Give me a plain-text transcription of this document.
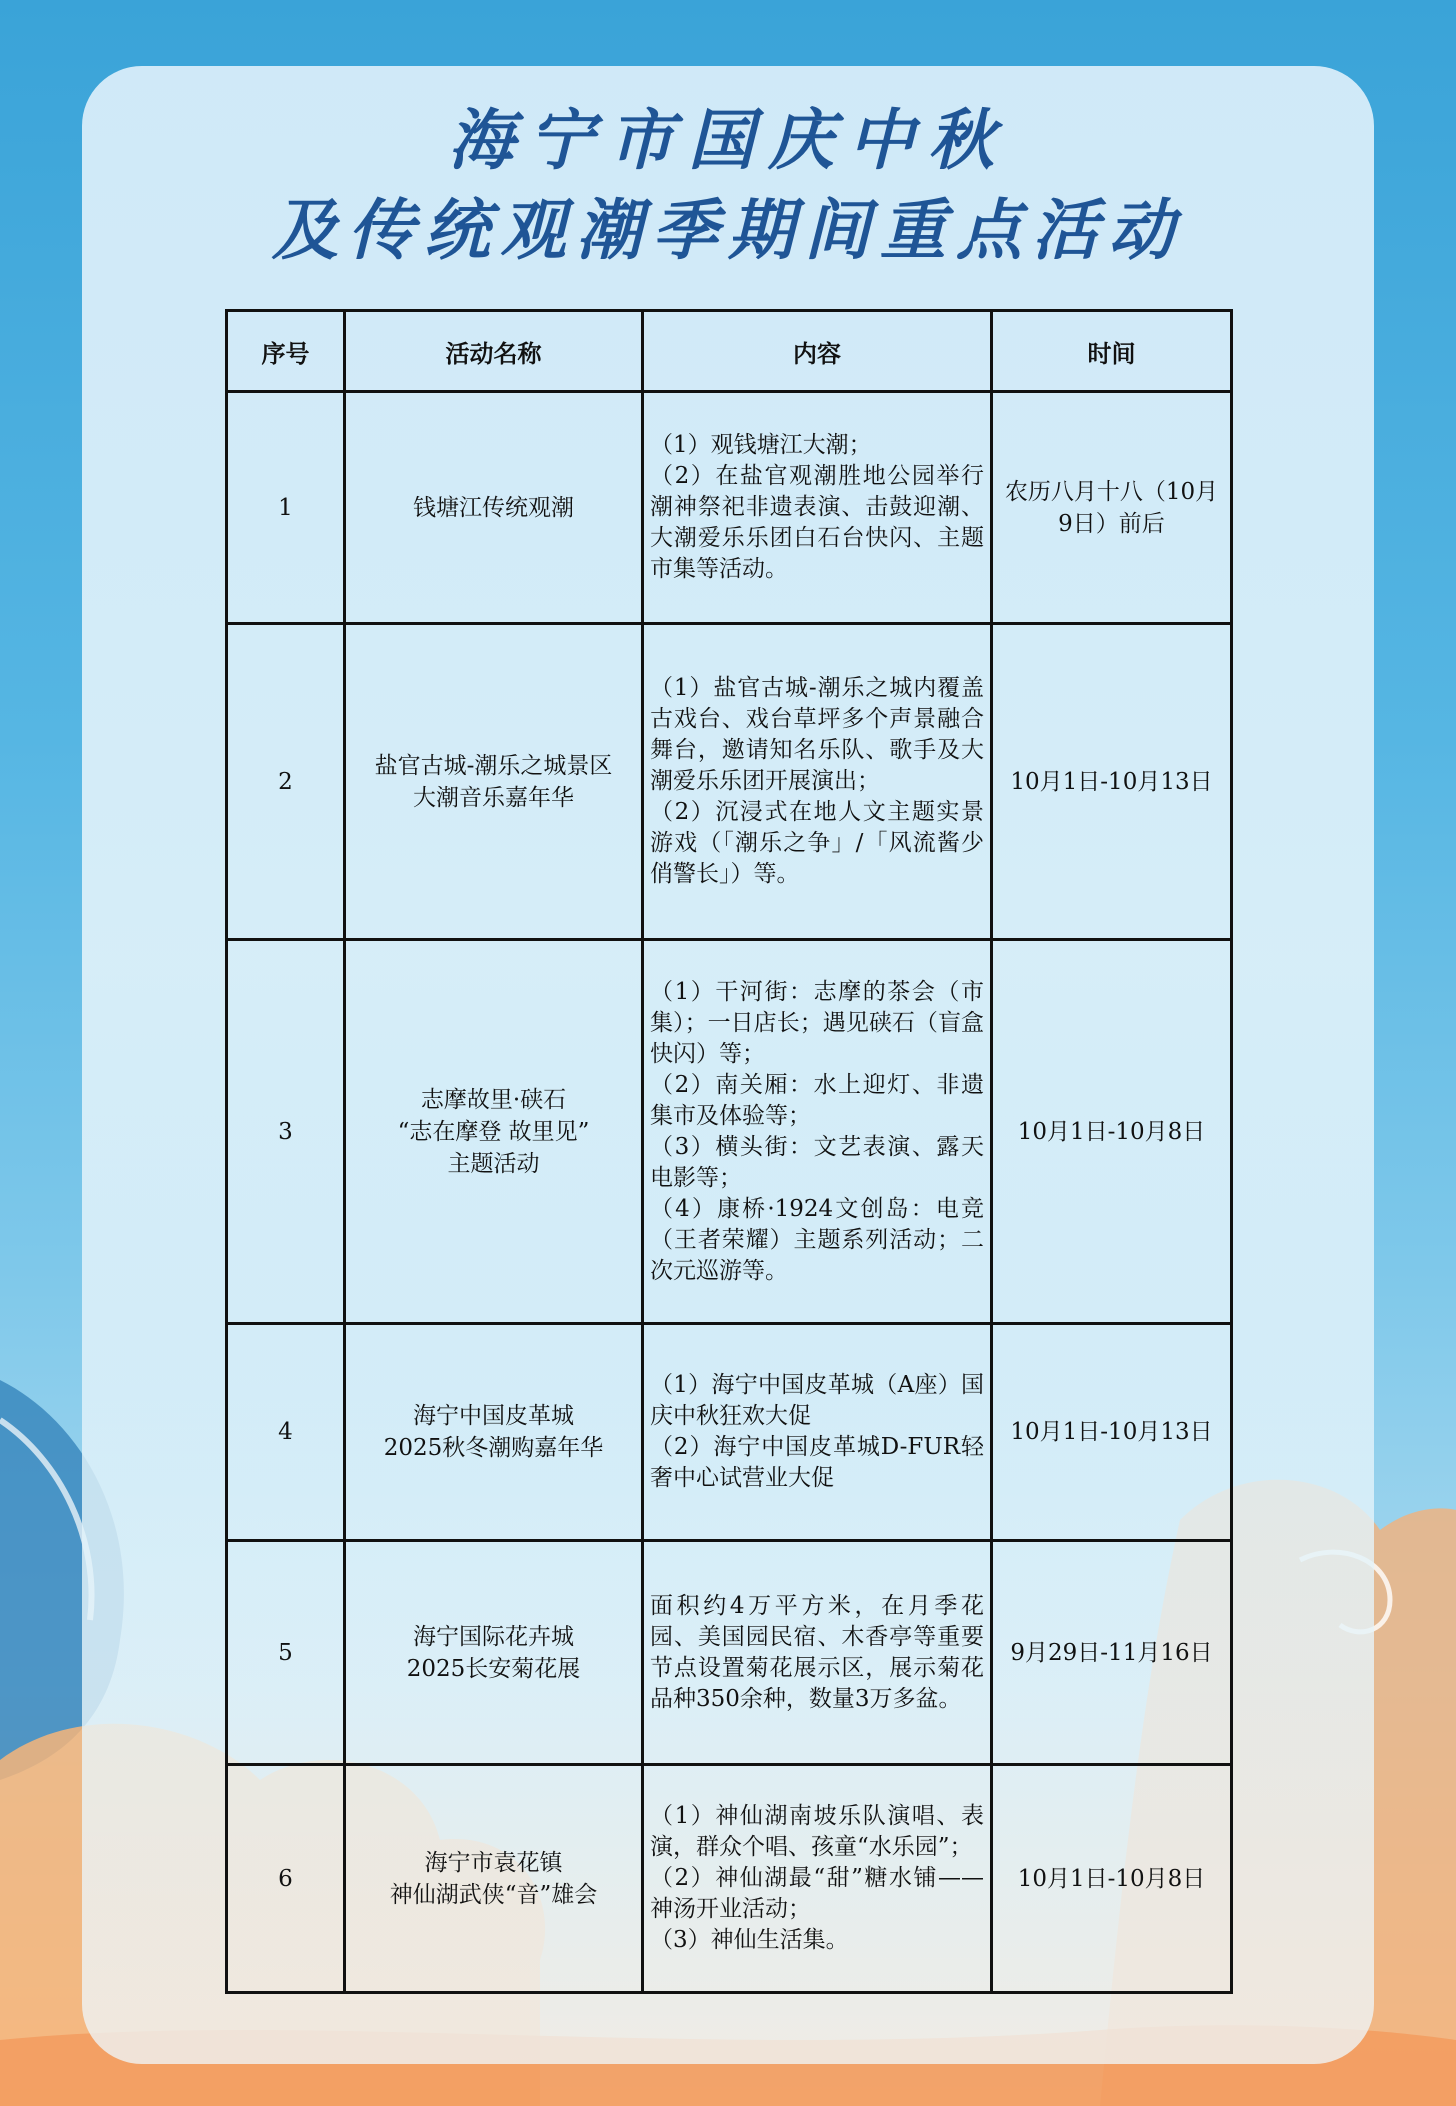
海宁市国庆中秋
及传统观潮季期间重点活动
序号	活动名称	内容	时间
1	钱塘江传统观潮	（1）观钱塘江大潮；
（2）在盐官观潮胜地公园举行潮神祭祀非遗表演、击鼓迎潮、大潮爱乐乐团白石台快闪、主题市集等活动。	农历八月十八（10月9日）前后
2	盐官古城-潮乐之城景区
大潮音乐嘉年华	（1）盐官古城-潮乐之城内覆盖古戏台、戏台草坪多个声景融合舞台，邀请知名乐队、歌手及大潮爱乐乐团开展演出；
（2）沉浸式在地人文主题实景游戏（「潮乐之争」/「风流酱少俏警长」）等。	10月1日-10月13日
3	志摩故里·硖石
“志在摩登 故里见”
主题活动	（1）干河街：志摩的茶会（市集）；一日店长；遇见硖石（盲盒快闪）等；
（2）南关厢：水上迎灯、非遗集市及体验等；
（3）横头街：文艺表演、露天电影等；
（4）康桥·1924文创岛：电竞（王者荣耀）主题系列活动；二次元巡游等。	10月1日-10月8日
4	海宁中国皮革城
2025秋冬潮购嘉年华	（1）海宁中国皮革城（A座）国庆中秋狂欢大促
（2）海宁中国皮革城D-FUR轻奢中心试营业大促	10月1日-10月13日
5	海宁国际花卉城
2025长安菊花展	面积约4万平方米，在月季花园、美国园民宿、木香亭等重要节点设置菊花展示区，展示菊花品种350余种，数量3万多盆。	9月29日-11月16日
6	海宁市袁花镇
神仙湖武侠“音”雄会	（1）神仙湖南坡乐队演唱、表演，群众个唱、孩童“水乐园”；
（2）神仙湖最“甜”糖水铺——神汤开业活动；
（3）神仙生活集。	10月1日-10月8日
